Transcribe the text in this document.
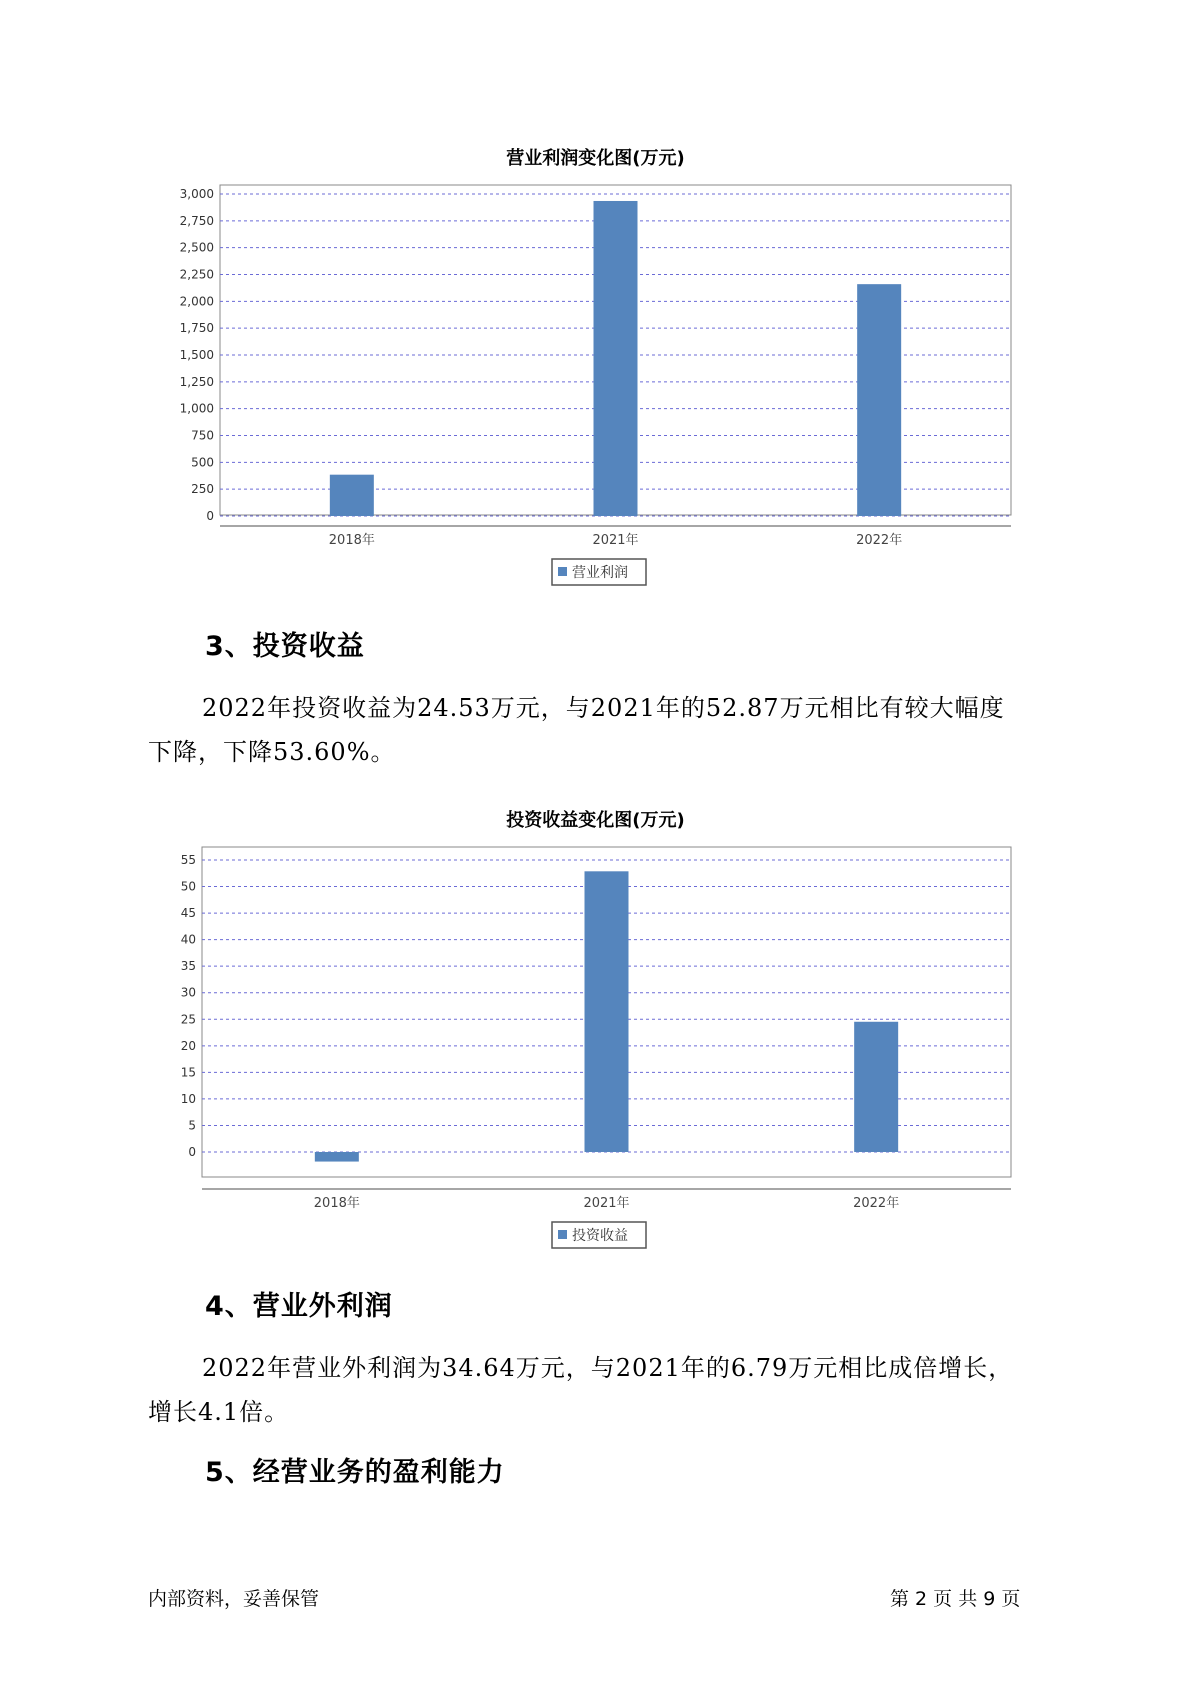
营业利润变化图(万元)
0
250
500
750
1,000
1,250
1,500
1,750
2,000
2,250
2,500
2,750
3,000
2018年	2021年	2022年
营业利润
3、投资收益
2022年投资收益为24.53万元，与2021年的52.87万元相比有较大幅度
下降，下降53.60%。
投资收益变化图(万元)
0
5
10
15
20
25
30
35
40
45
50
55
2018年	2021年	2022年
投资收益
4、营业外利润
2022年营业外利润为34.64万元，与2021年的6.79万元相比成倍增长，
增长4.1倍。
5、经营业务的盈利能力
内部资料，妥善保管	第 2 页 共 9 页
